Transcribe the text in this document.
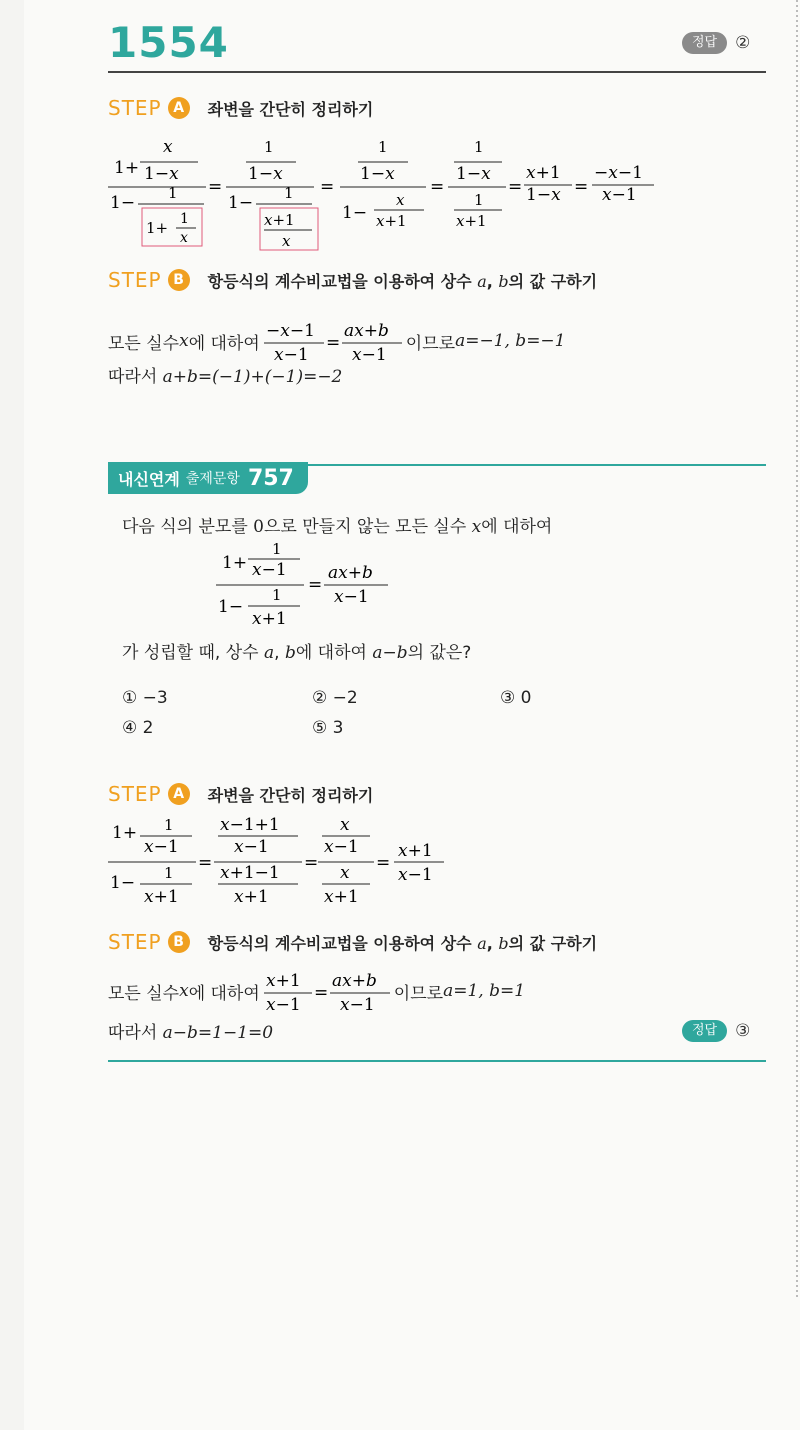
1554	정답	②
STEP A	좌변을 간단히 정리하기
1+
x
1−x
1− 1
1+ 1
x
=
1
1−x
1− 1
x+1
x
=
1
1−x
1−
x
x+1
=
1
1−x
1
x+1
=
x+1
1−x =
−x−1
x−1
STEP B	항등식의 계수비교법을 이용하여 상수 a, b의 값 구하기
모든 실수 x 에 대하여
−x−1
x−1
=
ax+b
x−1
이므로 a=−1, b=−1
따라서 a+b=(−1)+(−1)=−2
내신연계 출제문항 757
다음 식의 분모를 0으로 만들지 않는 모든 실수 x에 대하여
1+
1
x−1
1−
1
x+1
=
ax+b
x−1
가 성립할 때, 상수 a, b에 대하여 a−b의 값은?
① −3	② −2	③ 0
④ 2	⑤ 3
STEP A	좌변을 간단히 정리하기
1+ 1
x−1
1− 1
x+1
=
x−1+1
x−1
x+1−1
x+1
=
x
x−1
x
x+1
=
x+1
x−1
STEP B	항등식의 계수비교법을 이용하여 상수 a, b의 값 구하기
모든 실수 x 에 대하여
x+1
x−1
=
ax+b
x−1
이므로 a=1, b=1
따라서 a−b=1−1=0	정답	③
